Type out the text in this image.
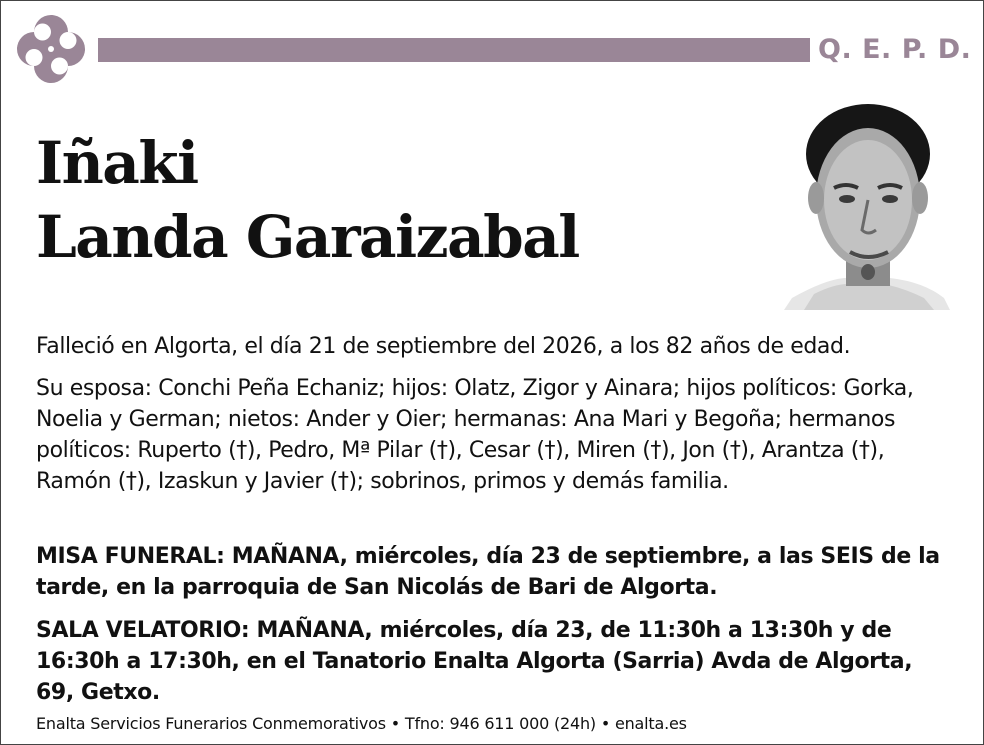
Q. E. P. D.
Iñaki
Landa Garaizabal
Falleció en Algorta, el día 21 de septiembre del 2026, a los 82 años de edad.
Su esposa: Conchi Peña Echaniz; hijos: Olatz, Zigor y Ainara; hijos políticos: Gorka, Noelia y German; nietos: Ander y Oier; hermanas: Ana Mari y Begoña; hermanos políticos: Ruperto (†), Pedro, Mª Pilar (†), Cesar (†), Miren (†), Jon (†), Arantza (†), Ramón (†), Izaskun y Javier (†); sobrinos, primos y demás familia.
MISA FUNERAL: MAÑANA, miércoles, día 23 de septiembre, a las SEIS de la tarde, en la parroquia de San Nicolás de Bari de Algorta.
SALA VELATORIO: MAÑANA, miércoles, día 23, de 11:30h a 13:30h y de 16:30h a 17:30h, en el Tanatorio Enalta Algorta (Sarria) Avda de Algorta, 69, Getxo.
Enalta Servicios Funerarios Conmemorativos • Tfno: 946 611 000 (24h) • enalta.es
